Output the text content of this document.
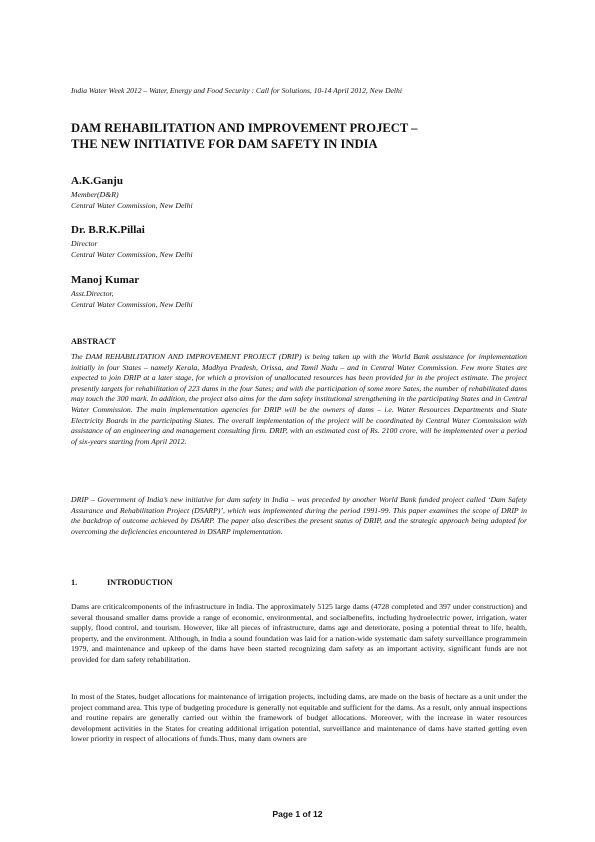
India Water Week 2012 – Water, Energy and Food Security : Call for Solutions, 10-14 April 2012, New Delhi
DAM REHABILITATION AND IMPROVEMENT PROJECT –
THE NEW INITIATIVE FOR DAM SAFETY IN INDIA
A.K.Ganju
Member(D&R)
Central Water Commission, New Delhi
Dr. B.R.K.Pillai
Director
Central Water Commission, New Delhi
Manoj Kumar
Asst.Director,
Central Water Commission, New Delhi
ABSTRACT
The DAM REHABILITATION AND IMPROVEMENT PROJECT (DRIP) is being taken up with the World Bank assistance for implementation initially in four States – namely Kerala, Madhya Pradesh, Orissa, and Tamil Nadu – and in Central Water Commission. Few more States are expected to join DRIP at a later stage, for which a provision of unallocated resources has been provided for in the project estimate. The project presently targets for rehabilitation of 223 dams in the four Sates; and with the participation of some more Sates, the number of rehabilitated dams may touch the 300 mark. In addition, the project also aims for the dam safety institutional strengthening in the participating States and in Central Water Commission. The main implementation agencies for DRIP will be the owners of dams – i.e. Water Resources Departments and State Electricity Boards in the participating States. The overall implementation of the project will be coordinated by Central Water Commission with assistance of an engineering and management consulting firm. DRIP, with an estimated cost of Rs. 2100 crore, will be implemented over a period of six-years starting from April 2012.
DRIP – Government of India’s new initiative for dam safety in India – was preceded by another World Bank funded project called ‘Dam Safety Assurance and Rehabilitation Project (DSARP)’, which was implemented during the period 1991-99. This paper examines the scope of DRIP in the backdrop of outcome achieved by DSARP. The paper also describes the present status of DRIP, and the strategic approach being adopted for overcoming the deficiencies encountered in DSARP implementation.
1.	INTRODUCTION
Dams are criticalcomponents of the infrastructure in India. The approximately 5125 large dams (4728 completed and 397 under construction) and several thousand smaller dams provide a range of economic, environmental, and socialbenefits, including hydroelectric power, irrigation, water supply, flood control, and tourism. However, like all pieces of infrastructure, dams age and deteriorate, posing a potential threat to life, health, property, and the environment. Although, in India a sound foundation was laid for a nation-wide systematic dam safety surveillance programmein 1979, and maintenance and upkeep of the dams have been started recognizing dam safety as an important activity, significant funds are not provided for dam safety rehabilitation.
In most of the States, budget allocations for maintenance of irrigation projects, including dams, are made on the basis of hectare as a unit under the project command area. This type of budgeting procedure is generally not equitable and sufficient for the dams. As a result, only annual inspections and routine repairs are generally carried out within the framework of budget allocations. Moreover, with the increase in water resources development activities in the States for creating additional irrigation potential, surveillance and maintenance of dams have started getting even lower priority in respect of allocations of funds.Thus, many dam owners are
Page 1 of 12
